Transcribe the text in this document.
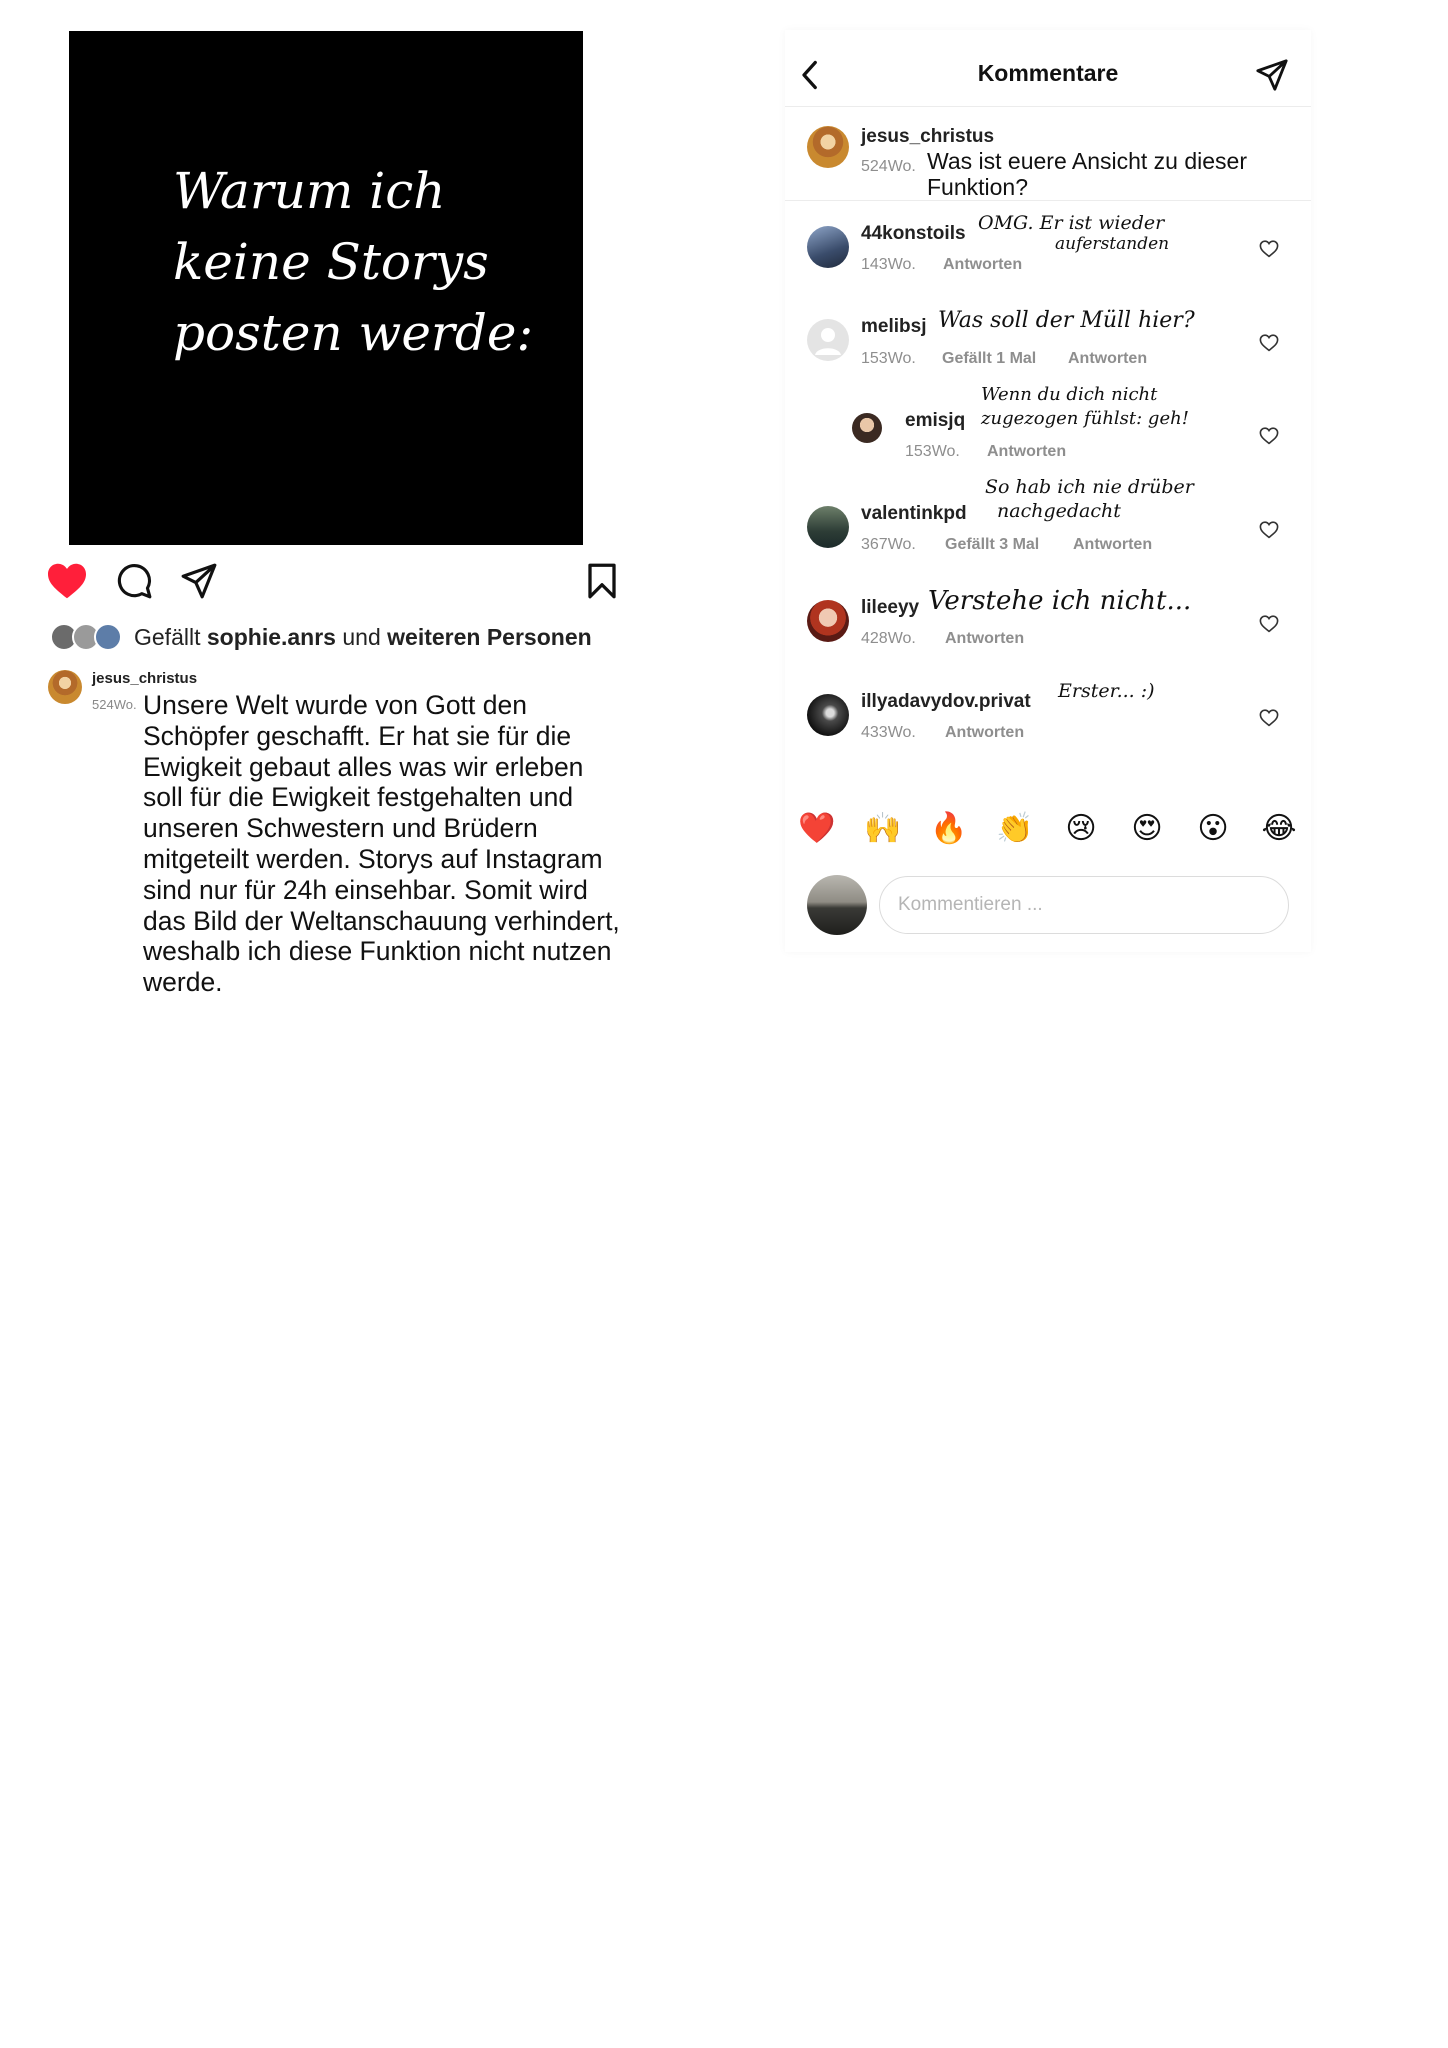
Warum ich
keine Storys
posten werde:

Gefällt sophie.anrs und weiteren Personen
jesus_christus
524Wo. Unsere Welt wurde von Gott den Schöpfer geschafft. Er hat sie für die Ewigkeit gebaut alles was wir erleben soll für die Ewigkeit festgehalten und unseren Schwestern und Brüdern mitgeteilt werden. Storys auf Instagram sind nur für 24h einsehbar. Somit wird das Bild der Weltanschauung verhindert, weshalb ich diese Funktion nicht nutzen werde.

Kommentare
jesus_christus
524Wo. Was ist euere Ansicht zu dieser Funktion?
44konstoils OMG. Er ist wieder
auferstanden
143Wo. Antworten
melibsj Was soll der Müll hier?
153Wo. Gefällt 1 Mal Antworten
emisjq
Wenn du dich nicht
zugezogen fühlst: geh!
153Wo. Antworten
valentinkpd
So hab ich nie drüber
nachgedacht
367Wo. Gefällt 3 Mal Antworten
lileeyy Verstehe ich nicht...
428Wo. Antworten
illyadavydov.privat Erster... :)
433Wo. Antworten
❤️ 🙌 🔥 👏 😢 😍 😮 😂
Kommentieren ...
